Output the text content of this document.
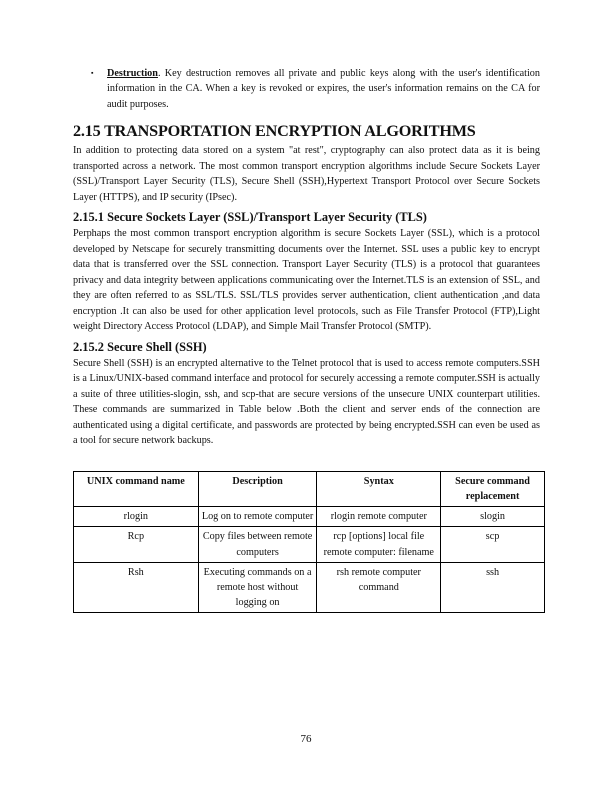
▪	Destruction. Key destruction removes all private and public keys along with the user's identification information in the CA. When a key is revoked or expires, the user's information remains on the CA for audit purposes.
2.15 TRANSPORTATION ENCRYPTION ALGORITHMS

In addition to protecting data stored on a system "at rest", cryptography can also protect data as it is being transported across a network. The most common transport encryption algorithms include Secure Sockets Layer (SSL)/Transport Layer Security (TLS), Secure Shell (SSH),Hypertext Transport Protocol over Secure Sockets Layer (HTTPS), and IP security (IPsec).

2.15.1 Secure Sockets Layer (SSL)/Transport Layer Security (TLS)

Perphaps the most common transport encryption algorithm is secure Sockets Layer (SSL), which is a protocol developed by Netscape for securely transmitting documents over the Internet. SSL uses a public key to encrypt data that is transferred over the SSL connection. Transport Layer Security (TLS) is a protocol that guarantees privacy and data integrity between applications communicating over the Internet.TLS is an extension of SSL, and they are often referred to as SSL/TLS. SSL/TLS provides server authentication, client authentication ,and data encryption .It can also be used for other application level protocols, such as File Transfer Protocol (FTP),Light weight Directory Access Protocol (LDAP), and Simple Mail Transfer Protocol (SMTP).

2.15.2 Secure Shell (SSH)

Secure Shell (SSH) is an encrypted alternative to the Telnet protocol that is used to access remote computers.SSH is a Linux/UNIX-based command interface and protocol for securely accessing a remote computer.SSH is actually a suite of three utilities-slogin, ssh, and scp-that are secure versions of the unsecure UNIX counterpart utilities. These commands are summarized in Table below .Both the client and server ends of the connection are authenticated using a digital certificate, and passwords are protected by being encrypted.SSH can even be used as a tool for secure network backups.

UNIX command name	Description	Syntax	Secure command replacement
rlogin	Log on to remote computer	rlogin remote computer	slogin
Rcp	Copy files between remote computers	rcp [options] local file remote computer: filename	scp
Rsh	Executing commands on a remote host without logging on	rsh remote computer command	ssh
76
